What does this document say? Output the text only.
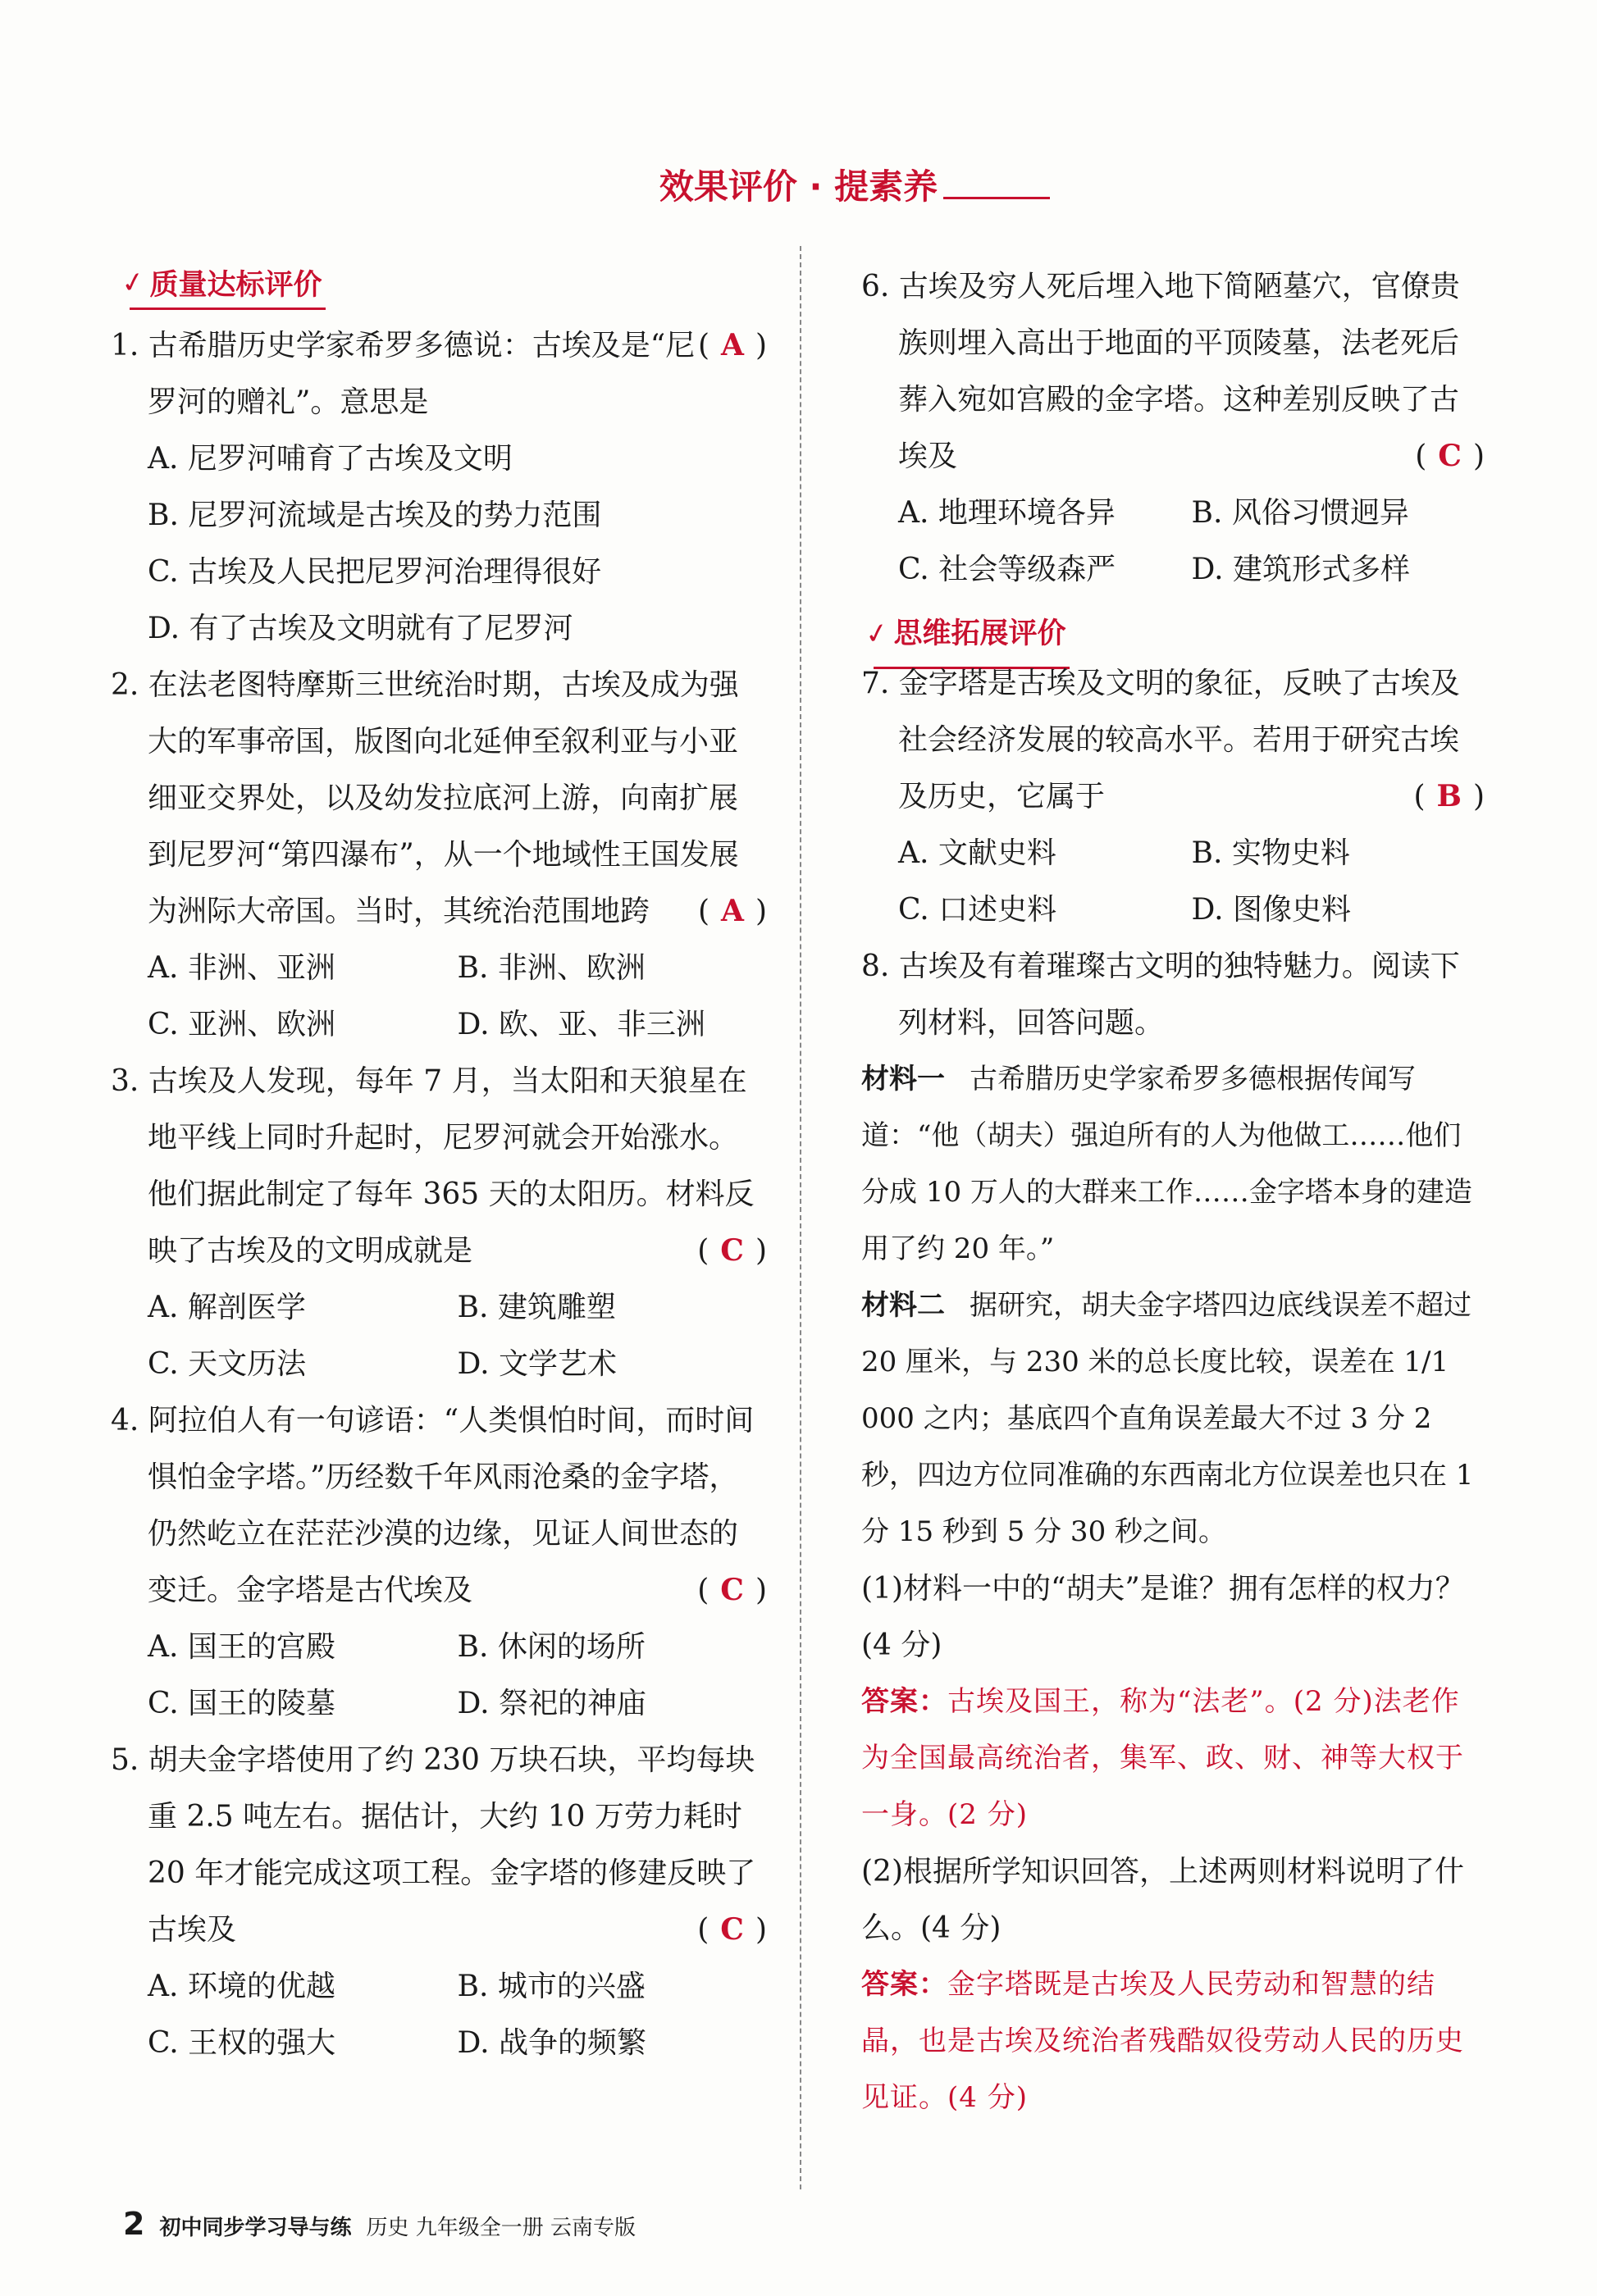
效果评价 · 提素养
✓ 质量达标评价
( A )
1. 古希腊历史学家希罗多德说：古埃及是“尼罗河的赠礼”。意思是
A. 尼罗河哺育了古埃及文明
B. 尼罗河流域是古埃及的势力范围
C. 古埃及人民把尼罗河治理得很好
D. 有了古埃及文明就有了尼罗河
2. 在法老图特摩斯三世统治时期，古埃及成为强大的军事帝国，版图向北延伸至叙利亚与小亚细亚交界处，以及幼发拉底河上游，向南扩展到尼罗河“第四瀑布”，从一个地域性王国发展为洲际大帝国。当时，其统治范围地跨 ( A )
A. 非洲、亚洲	B. 非洲、欧洲
C. 亚洲、欧洲	D. 欧、亚、非三洲
3. 古埃及人发现，每年 7 月，当太阳和天狼星在地平线上同时升起时，尼罗河就会开始涨水。他们据此制定了每年 365 天的太阳历。材料反映了古埃及的文明成就是	( C )
A. 解剖医学	B. 建筑雕塑
C. 天文历法	D. 文学艺术
4. 阿拉伯人有一句谚语：“人类惧怕时间，而时间惧怕金字塔。”历经数千年风雨沧桑的金字塔，仍然屹立在茫茫沙漠的边缘，见证人间世态的变迁。金字塔是古代埃及	( C )
A. 国王的宫殿	B. 休闲的场所
C. 国王的陵墓	D. 祭祀的神庙
5. 胡夫金字塔使用了约 230 万块石块，平均每块重 2.5 吨左右。据估计，大约 10 万劳力耗时 20 年才能完成这项工程。金字塔的修建反映了古埃及	( C )
A. 环境的优越	B. 城市的兴盛
C. 王权的强大	D. 战争的频繁
6. 古埃及穷人死后埋入地下简陋墓穴，官僚贵族则埋入高出于地面的平顶陵墓，法老死后葬入宛如宫殿的金字塔。这种差别反映了古埃及	( C )
A. 地理环境各异	B. 风俗习惯迥异
C. 社会等级森严	D. 建筑形式多样
✓ 思维拓展评价
7. 金字塔是古埃及文明的象征，反映了古埃及社会经济发展的较高水平。若用于研究古埃及历史，它属于	( B )
A. 文献史料	B. 实物史料
C. 口述史料	D. 图像史料
8. 古埃及有着璀璨古文明的独特魅力。阅读下列材料，回答问题。
材料一 古希腊历史学家希罗多德根据传闻写道：“他（胡夫）强迫所有的人为他做工……他们分成 10 万人的大群来工作……金字塔本身的建造用了约 20 年。”
材料二 据研究，胡夫金字塔四边底线误差不超过 20 厘米，与 230 米的总长度比较，误差在 1/1 000 之内；基底四个直角误差最大不过 3 分 2 秒，四边方位同准确的东西南北方位误差也只在 1 分 15 秒到 5 分 30 秒之间。
(1)材料一中的“胡夫”是谁？拥有怎样的权力？(4 分)
答案：古埃及国王，称为“法老”。(2 分)法老作为全国最高统治者，集军、政、财、神等大权于一身。(2 分)
(2)根据所学知识回答，上述两则材料说明了什么。(4 分)
答案：金字塔既是古埃及人民劳动和智慧的结晶，也是古埃及统治者残酷奴役劳动人民的历史见证。(4 分)
2 初中同步学习导与练 历史 九年级全一册 云南专版
